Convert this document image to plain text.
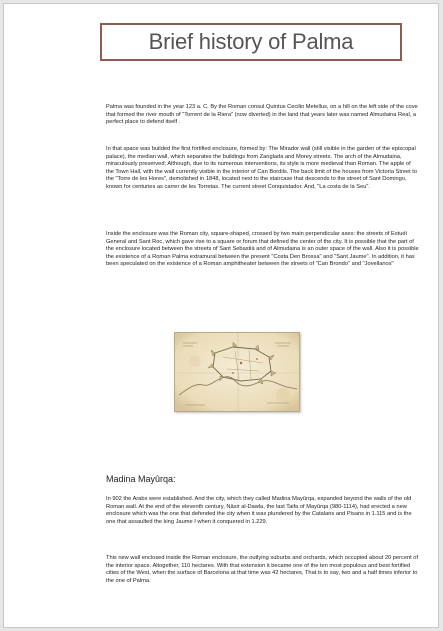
Brief history of Palma

Palma was founded in the year 123 a. C. By the Roman consul Quintus Cecilio Metellus, on a hill on the left side of the cove that formed the river mouth of "Torrent de la Riera" (now diverted) in the land that years later was named Almudaina Real, a perfect place to defend itself .

In that space was builded the first fortified enclosure, formed by: The Mirador wall (still visible in the garden of the episcopal palace), the median wall, which separates the buildings from Zanglada and Morey streets. The arch of the Almudaina, miraculously preserved; Although, due to its numerous interventions, its style is more medieval than Roman. The apple of the Town Hall, with the wall currently visible in the interior of Can Bordils. The back limit of the houses from Victoria Street to the "Torre de les Hores", demolished in 1848, located next to the staircase that descends to the street of Sant Domingo, known for centuries as carrer de les Torretas. The current street Conquistador. And, "La costa de la Seu".

Inside the enclosure was the Roman city, square-shaped, crossed by two main perpendicular axes: the streets of Estudi General and Sant Roc, which gave rise to a square or forum that defined the center of the city. It is possible that the part of the enclosure located between the streets of Sant Sebastià and of Almudaina is an outer space of the wall. Also it is possible the existence of a Roman Palma extramural between the present "Costa Den Brossa" and "Sant Jaume". In addition, it has been speculated on the existence of a Roman amphitheater between the streets of "Can Brondo" and "Jovellanos"

Madina Mayûrqa:

In 902 the Arabs were established. And the city, which they called Madina Mayûrqa, expanded beyond the walls of the old Roman wall. At the end of the eleventh century, Nâsir al-Dawla, the last Taifa of Mayûrqa (980-1114), had erected a new enclosure which was the one that defended the city when it was plundered by the Catalans and Pisans in 1.115 and is the one that assaulted the king Jaume I when it conquered in 1.229.

This new wall enclosed inside the Roman enclosure, the outlying suburbs and orchards, which occupied about 20 percent of the interior space. Altogether, 110 hectares. With that extension it became one of the ten most populous and best fortified cities of the West, when the surface of Barcelona at that time was 42 hectares, That is to say, two and a half times inferior to the one of Palma.
